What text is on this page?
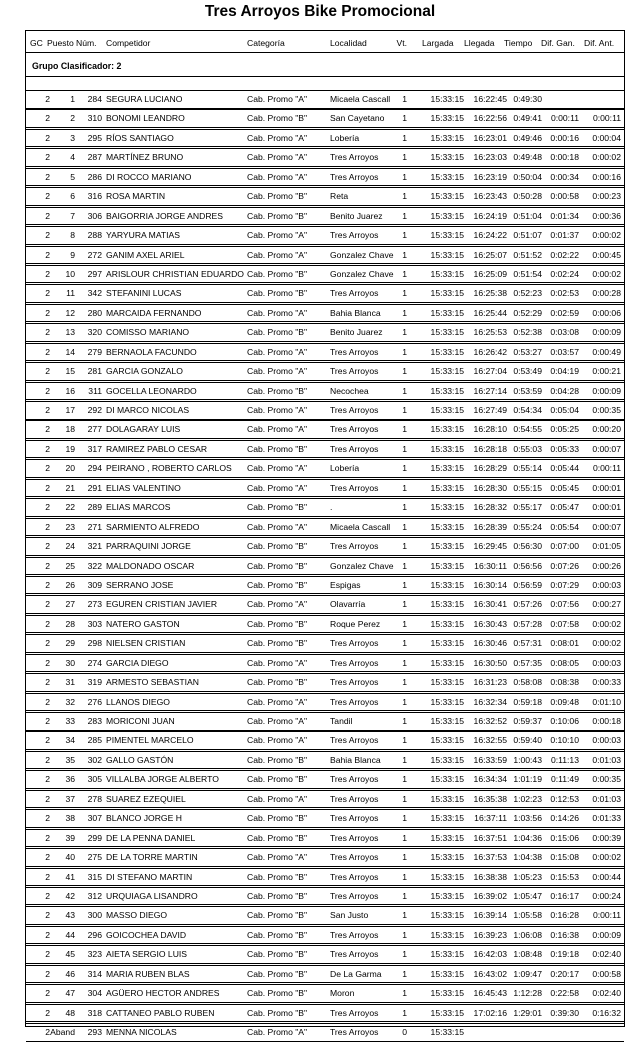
Tres Arroyos Bike Promocional
GC Puesto Núm. Competidor	Categoría	Localidad	Vt. Largada	Llegada	Tiempo	Dif. Gan. Dif. Ant.
Grupo Clasificador: 2
2	1	284 SEGURA LUCIANO	Cab. Promo "A"	Micaela Cascall	1	15:33:15	16:22:45 0:49:30
2	2	310 BONOMI LEANDRO	Cab. Promo "B"	San Cayetano	1	15:33:15	16:22:56 0:49:41	0:00:11	0:00:11
2	3	295 RÍOS SANTIAGO	Cab. Promo "A"	Lobería	1	15:33:15	16:23:01 0:49:46 0:00:16	0:00:04
2	4	287 MARTÍNEZ BRUNO	Cab. Promo "A"	Tres Arroyos	1	15:33:15	16:23:03 0:49:48 0:00:18	0:00:02
2	5	286 DI ROCCO MARIANO	Cab. Promo "A"	Tres Arroyos	1	15:33:15	16:23:19 0:50:04 0:00:34	0:00:16
2	6	316 ROSA MARTIN	Cab. Promo "B"	Reta	1	15:33:15	16:23:43 0:50:28 0:00:58	0:00:23
2	7	306 BAIGORRIA JORGE ANDRES	Cab. Promo "B"	Benito Juarez	1	15:33:15	16:24:19 0:51:04 0:01:34	0:00:36
2	8	288 YARYURA MATIAS	Cab. Promo "A"	Tres Arroyos	1	15:33:15	16:24:22 0:51:07 0:01:37	0:00:02
2	9	272 GANIM AXEL ARIEL	Cab. Promo "A"	Gonzalez Chave	1	15:33:15	16:25:07 0:51:52 0:02:22	0:00:45
2	10	297 ARISLOUR CHRISTIAN EDUARDO Cab. Promo "B"	Gonzalez Chave	1	15:33:15	16:25:09 0:51:54 0:02:24	0:00:02
2	11	342 STEFANINI LUCAS	Cab. Promo "B"	Tres Arroyos	1	15:33:15	16:25:38 0:52:23 0:02:53	0:00:28
2	12	280 MARCAIDA FERNANDO	Cab. Promo "A"	Bahia Blanca	1	15:33:15	16:25:44 0:52:29 0:02:59	0:00:06
2	13	320 COMISSO MARIANO	Cab. Promo "B"	Benito Juarez	1	15:33:15	16:25:53 0:52:38 0:03:08	0:00:09
2	14	279 BERNAOLA FACUNDO	Cab. Promo "A"	Tres Arroyos	1	15:33:15	16:26:42 0:53:27 0:03:57	0:00:49
2	15	281 GARCIA GONZALO	Cab. Promo "A"	Tres Arroyos	1	15:33:15	16:27:04 0:53:49 0:04:19	0:00:21
2	16	311 GOCELLA LEONARDO	Cab. Promo "B"	Necochea	1	15:33:15	16:27:14 0:53:59 0:04:28	0:00:09
2	17	292 DI MARCO NICOLAS	Cab. Promo "A"	Tres Arroyos	1	15:33:15	16:27:49 0:54:34 0:05:04	0:00:35
2	18	277 DOLAGARAY LUIS	Cab. Promo "A"	Tres Arroyos	1	15:33:15	16:28:10 0:54:55 0:05:25	0:00:20
2	19	317 RAMIREZ PABLO CESAR	Cab. Promo "B"	Tres Arroyos	1	15:33:15	16:28:18 0:55:03 0:05:33	0:00:07
2	20	294 PEIRANO , ROBERTO CARLOS	Cab. Promo "A"	Lobería	1	15:33:15	16:28:29 0:55:14 0:05:44	0:00:11
2	21	291 ELIAS VALENTINO	Cab. Promo "A"	Tres Arroyos	1	15:33:15	16:28:30 0:55:15 0:05:45	0:00:01
2	22	289 ELIAS MARCOS	Cab. Promo "B"	.	1	15:33:15	16:28:32 0:55:17 0:05:47	0:00:01
2	23	271 SARMIENTO ALFREDO	Cab. Promo "A"	Micaela Cascall	1	15:33:15	16:28:39 0:55:24 0:05:54	0:00:07
2	24	321 PARRAQUINI JORGE	Cab. Promo "B"	Tres Arroyos	1	15:33:15	16:29:45 0:56:30 0:07:00	0:01:05
2	25	322 MALDONADO OSCAR	Cab. Promo "B"	Gonzalez Chave	1	15:33:15	16:30:11 0:56:56 0:07:26	0:00:26
2	26	309 SERRANO JOSE	Cab. Promo "B"	Espigas	1	15:33:15	16:30:14 0:56:59 0:07:29	0:00:03
2	27	273 EGUREN CRISTIAN JAVIER	Cab. Promo "A"	Olavarría	1	15:33:15	16:30:41 0:57:26 0:07:56	0:00:27
2	28	303 NATERO GASTON	Cab. Promo "B"	Roque Perez	1	15:33:15	16:30:43 0:57:28 0:07:58	0:00:02
2	29	298 NIELSEN CRISTIAN	Cab. Promo "B"	Tres Arroyos	1	15:33:15	16:30:46 0:57:31 0:08:01	0:00:02
2	30	274 GARCIA DIEGO	Cab. Promo "A"	Tres Arroyos	1	15:33:15	16:30:50 0:57:35 0:08:05	0:00:03
2	31	319 ARMESTO SEBASTIAN	Cab. Promo "B"	Tres Arroyos	1	15:33:15	16:31:23 0:58:08 0:08:38	0:00:33
2	32	276 LLANOS DIEGO	Cab. Promo "A"	Tres Arroyos	1	15:33:15	16:32:34 0:59:18 0:09:48	0:01:10
2	33	283 MORICONI JUAN	Cab. Promo "A"	Tandil	1	15:33:15	16:32:52 0:59:37 0:10:06	0:00:18
2	34	285 PIMENTEL MARCELO	Cab. Promo "A"	Tres Arroyos	1	15:33:15	16:32:55 0:59:40 0:10:10	0:00:03
2	35	302 GALLO GASTÓN	Cab. Promo "B"	Bahia Blanca	1	15:33:15	16:33:59 1:00:43	0:11:13	0:01:03
2	36	305 VILLALBA JORGE ALBERTO	Cab. Promo "B"	Tres Arroyos	1	15:33:15	16:34:34 1:01:19	0:11:49	0:00:35
2	37	278 SUAREZ EZEQUIEL	Cab. Promo "A"	Tres Arroyos	1	15:33:15	16:35:38 1:02:23 0:12:53	0:01:03
2	38	307 BLANCO JORGE H	Cab. Promo "B"	Tres Arroyos	1	15:33:15	16:37:11 1:03:56 0:14:26	0:01:33
2	39	299 DE LA PENNA DANIEL	Cab. Promo "B"	Tres Arroyos	1	15:33:15	16:37:51 1:04:36 0:15:06	0:00:39
2	40	275 DE LA TORRE MARTIN	Cab. Promo "A"	Tres Arroyos	1	15:33:15	16:37:53 1:04:38 0:15:08	0:00:02
2	41	315 DI STEFANO MARTIN	Cab. Promo "B"	Tres Arroyos	1	15:33:15	16:38:38 1:05:23 0:15:53	0:00:44
2	42	312 URQUIAGA LISANDRO	Cab. Promo "B"	Tres Arroyos	1	15:33:15	16:39:02 1:05:47 0:16:17	0:00:24
2	43	300 MASSO DIEGO	Cab. Promo "B"	San Justo	1	15:33:15	16:39:14 1:05:58 0:16:28	0:00:11
2	44	296 GOICOCHEA DAVID	Cab. Promo "B"	Tres Arroyos	1	15:33:15	16:39:23 1:06:08 0:16:38	0:00:09
2	45	323 AIETA SERGIO LUIS	Cab. Promo "B"	Tres Arroyos	1	15:33:15	16:42:03 1:08:48 0:19:18	0:02:40
2	46	314 MARIA RUBEN BLAS	Cab. Promo "B"	De La Garma	1	15:33:15	16:43:02 1:09:47 0:20:17	0:00:58
2	47	304 AGÜERO HECTOR ANDRES	Cab. Promo "B"	Moron	1	15:33:15	16:45:43 1:12:28 0:22:58	0:02:40
2	48	318 CATTANEO PABLO RUBEN	Cab. Promo "B"	Tres Arroyos	1	15:33:15	17:02:16 1:29:01 0:39:30	0:16:32
2 Aband	293 MENNA NICOLAS	Cab. Promo "A"	Tres Arroyos	0	15:33:15
